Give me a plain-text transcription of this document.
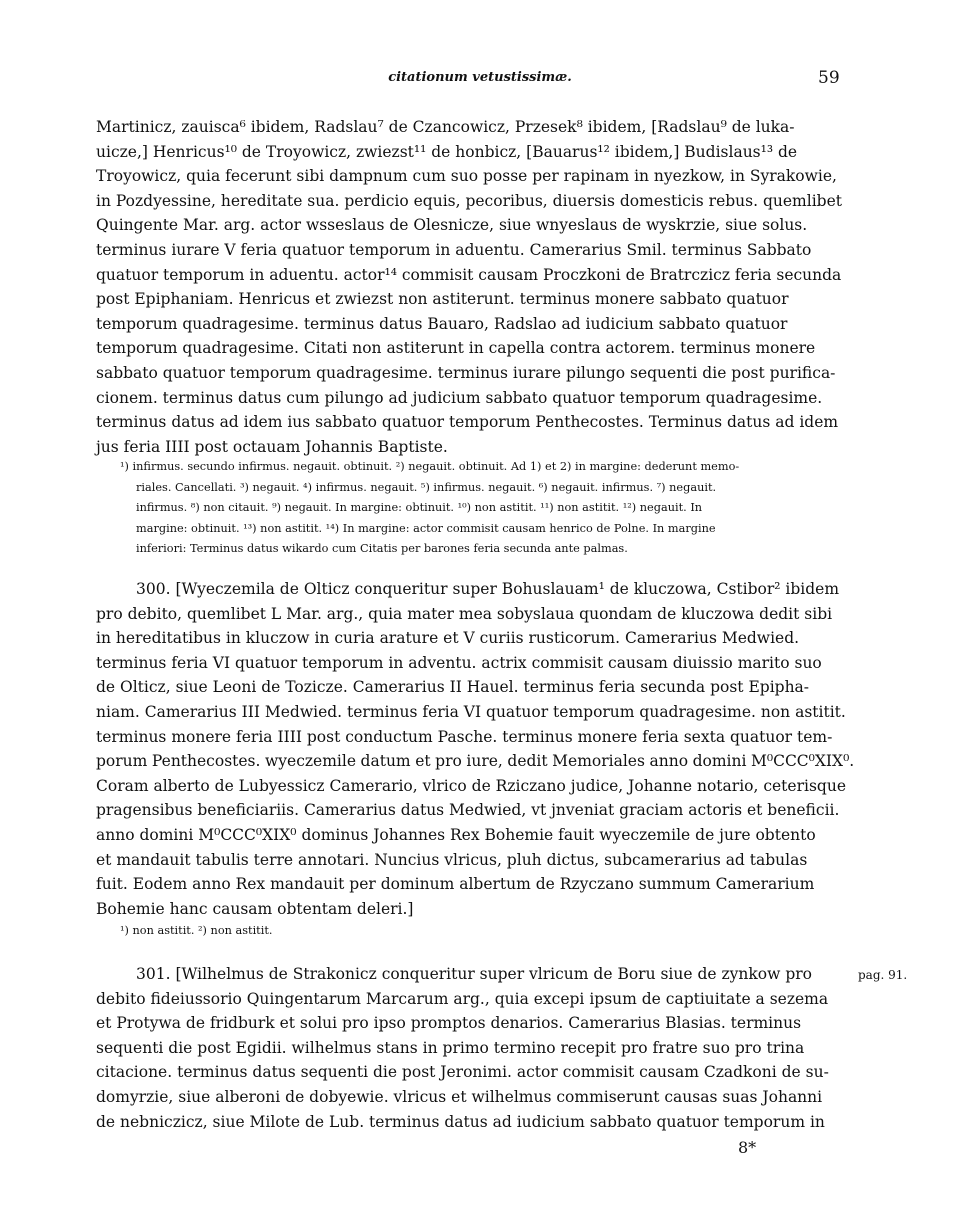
citationum vetustissimæ.	59
Martinicz, zauisca⁶ ibidem, Radslau⁷ de Czancowicz, Przesek⁸ ibidem, [Radslau⁹ de luka-
uicze,] Henricus¹⁰ de Troyowicz, zwiezst¹¹ de honbicz, [Bauarus¹² ibidem,] Budislaus¹³ de
Troyowicz, quia fecerunt sibi dampnum cum suo posse per rapinam in nyezkow, in Syrakowie,
in Pozdyessine, hereditate sua. perdicio equis, pecoribus, diuersis domesticis rebus. quemlibet
Quingente Mar. arg. actor wsseslaus de Olesnicze, siue wnyeslaus de wyskrzie, siue solus.
terminus iurare V feria quatuor temporum in aduentu. Camerarius Smil. terminus Sabbato
quatuor temporum in aduentu. actor¹⁴ commisit causam Proczkoni de Bratrczicz feria secunda
post Epiphaniam. Henricus et zwiezst non astiterunt. terminus monere sabbato quatuor
temporum quadragesime. terminus datus Bauaro, Radslao ad iudicium sabbato quatuor
temporum quadragesime. Citati non astiterunt in capella contra actorem. terminus monere
sabbato quatuor temporum quadragesime. terminus iurare pilungo sequenti die post purifica-
cionem. terminus datus cum pilungo ad judicium sabbato quatuor temporum quadragesime.
terminus datus ad idem ius sabbato quatuor temporum Penthecostes. Terminus datus ad idem
jus feria IIII post octauam Johannis Baptiste.
¹) infirmus. secundo infirmus. negauit. obtinuit. ²) negauit. obtinuit. Ad 1) et 2) in margine: dederunt memo-
riales. Cancellati. ³) negauit. ⁴) infirmus. negauit. ⁵) infirmus. negauit. ⁶) negauit. infirmus. ⁷) negauit.
infirmus. ⁸) non citauit. ⁹) negauit. In margine: obtinuit. ¹⁰) non astitit. ¹¹) non astitit. ¹²) negauit. In
margine: obtinuit. ¹³) non astitit. ¹⁴) In margine: actor commisit causam henrico de Polne. In margine
inferiori: Terminus datus wikardo cum Citatis per barones feria secunda ante palmas.
300. [Wyeczemila de Olticz conqueritur super Bohuslauam¹ de kluczowa, Cstibor² ibidem
pro debito, quemlibet L Mar. arg., quia mater mea sobyslaua quondam de kluczowa dedit sibi
in hereditatibus in kluczow in curia arature et V curiis rusticorum. Camerarius Medwied.
terminus feria VI quatuor temporum in adventu. actrix commisit causam diuissio marito suo
de Olticz, siue Leoni de Tozicze. Camerarius II Hauel. terminus feria secunda post Epipha-
niam. Camerarius III Medwied. terminus feria VI quatuor temporum quadragesime. non astitit.
terminus monere feria IIII post conductum Pasche. terminus monere feria sexta quatuor tem-
porum Penthecostes. wyeczemile datum et pro iure, dedit Memoriales anno domini M⁰CCC⁰XIX⁰.
Coram alberto de Lubyessicz Camerario, vlrico de Rziczano judice, Johanne notario, ceterisque
pragensibus beneficiariis. Camerarius datus Medwied, vt jnveniat graciam actoris et beneficii.
anno domini M⁰CCC⁰XIX⁰ dominus Johannes Rex Bohemie fauit wyeczemile de jure obtento
et mandauit tabulis terre annotari. Nuncius vlricus, pluh dictus, subcamerarius ad tabulas
fuit. Eodem anno Rex mandauit per dominum albertum de Rzyczano summum Camerarium
Bohemie hanc causam obtentam deleri.]
¹) non astitit. ²) non astitit.
301. [Wilhelmus de Strakonicz conqueritur super vlricum de Boru siue de zynkow pro
debito fideiussorio Quingentarum Marcarum arg., quia excepi ipsum de captiuitate a sezema
et Protywa de fridburk et solui pro ipso promptos denarios. Camerarius Blasias. terminus
sequenti die post Egidii. wilhelmus stans in primo termino recepit pro fratre suo pro trina
citacione. terminus datus sequenti die post Jeronimi. actor commisit causam Czadkoni de su-
domyrzie, siue alberoni de dobyewie. vlricus et wilhelmus commiserunt causas suas Johanni
de nebniczicz, siue Milote de Lub. terminus datus ad iudicium sabbato quatuor temporum in
pag. 91.
8*
